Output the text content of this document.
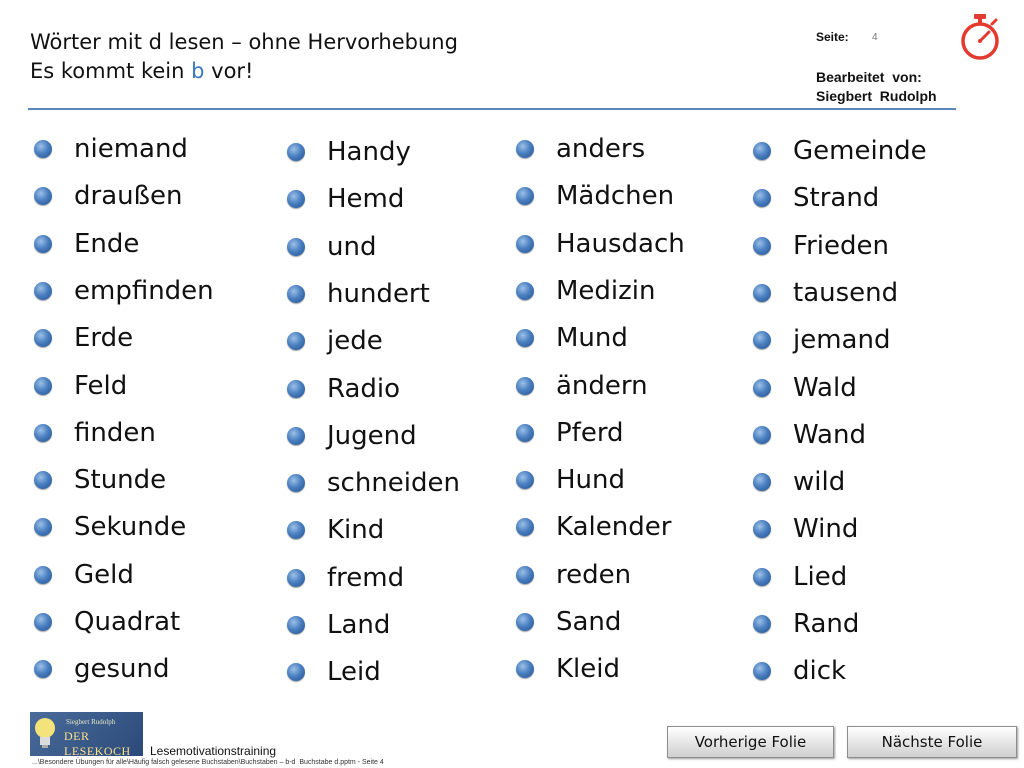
Wörter mit d lesen – ohne Hervorhebung
Es kommt kein b vor!
Seite: 4
Bearbeitet  von:
Siegbert  Rudolph
niemand
draußen
Ende
empfinden
Erde
Feld
finden
Stunde
Sekunde
Geld
Quadrat
gesund
Handy
Hemd
und
hundert
jede
Radio
Jugend
schneiden
Kind
fremd
Land
Leid
anders
Mädchen
Hausdach
Medizin
Mund
ändern
Pferd
Hund
Kalender
reden
Sand
Kleid
Gemeinde
Strand
Frieden
tausend
jemand
Wald
Wand
wild
Wind
Lied
Rand
dick
Siegbert Rudolph
DER LESEKOCH	Lesemotivationstraining
...\Besondere Übungen für alle\Häufig falsch gelesene Buchstaben\Buchstaben – b-d  Buchstabe d.pptm - Seite 4
Vorherige Folie	Nächste Folie
